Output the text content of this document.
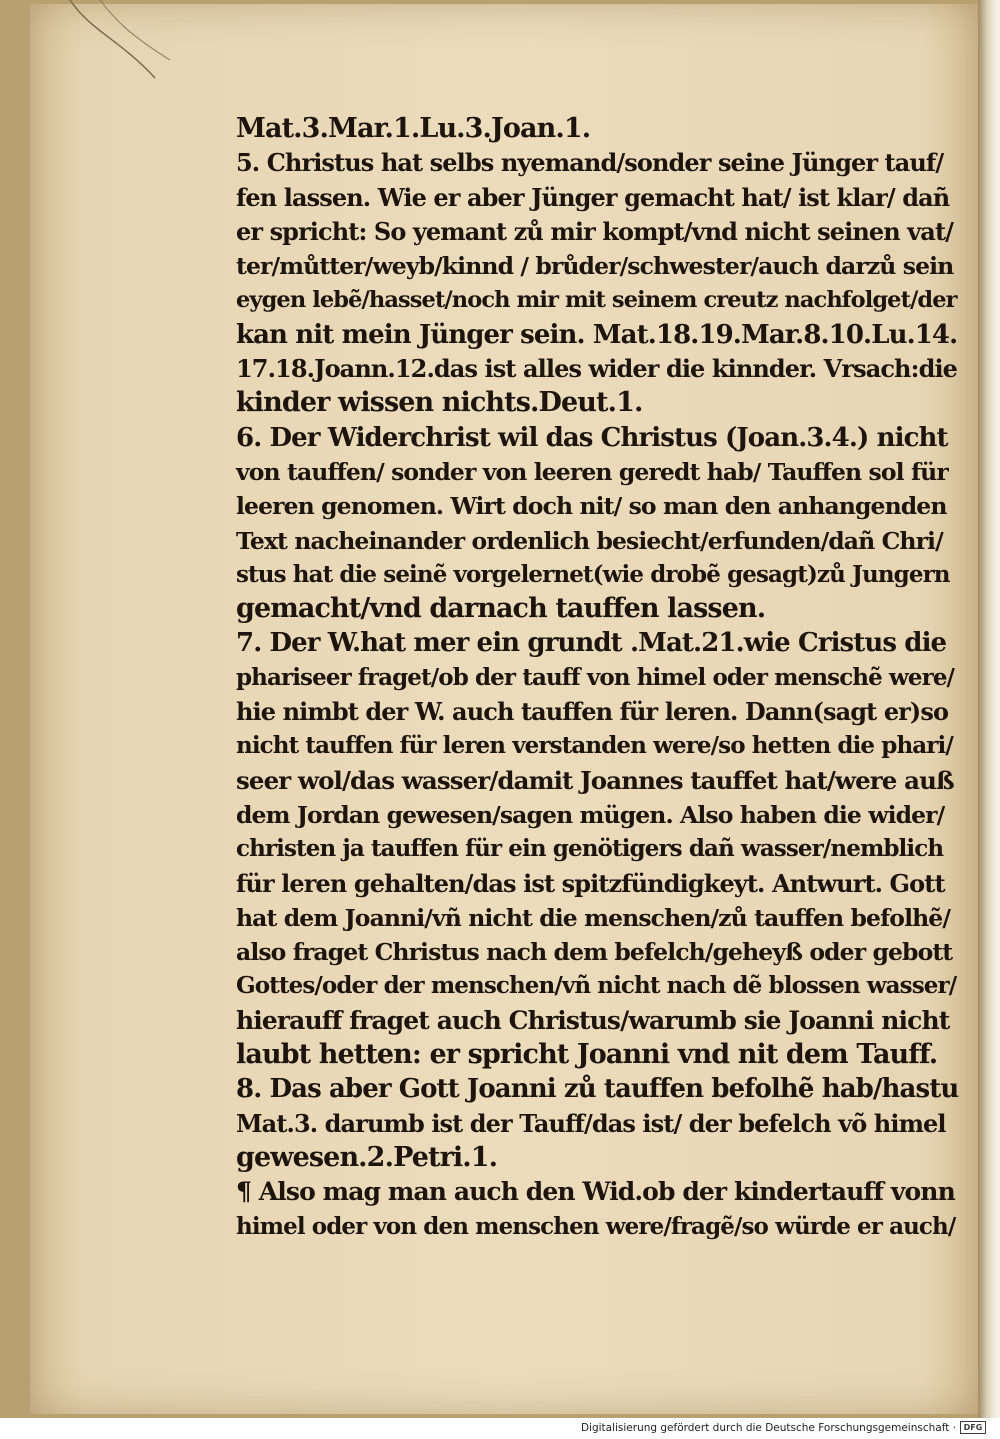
Mat.3.Mar.1.Lu.3.Joan.1.
5. Christus hat selbs nyemand/sonder seine Jünger tauf/
fen lassen. Wie er aber Jünger gemacht hat/ ist klar/ dañ
er spricht: So yemant zů mir kompt/vnd nicht seinen vat/
ter/můtter/weyb/kinnd / brůder/schwester/auch darzů sein
eygen lebẽ/hasset/noch mir mit seinem creutz nachfolget/der
kan nit mein Jünger sein. Mat.18.19.Mar.8.10.Lu.14.
17.18.Joann.12.das ist alles wider die kinnder. Vrsach:die
kinder wissen nichts.Deut.1.
6. Der Widerchrist wil das Christus (Joan.3.4.) nicht
von tauffen/ sonder von leeren geredt hab/ Tauffen sol für
leeren genomen. Wirt doch nit/ so man den anhangenden
Text nacheinander ordenlich besiecht/erfunden/dañ Chri/
stus hat die seinẽ vorgelernet(wie drobẽ gesagt)zů Jungern
gemacht/vnd darnach tauffen lassen.
7. Der W.hat mer ein grundt .Mat.21.wie Cristus die
phariseer fraget/ob der tauff von himel oder menschẽ were/
hie nimbt der W. auch tauffen für leren. Dann(sagt er)so
nicht tauffen für leren verstanden were/so hetten die phari/
seer wol/das wasser/damit Joannes tauffet hat/were auß
dem Jordan gewesen/sagen mügen. Also haben die wider/
christen ja tauffen für ein genötigers dañ wasser/nemblich
für leren gehalten/das ist spitzfündigkeyt. Antwurt. Gott
hat dem Joanni/vñ nicht die menschen/zů tauffen befolhẽ/
also fraget Christus nach dem befelch/geheyß oder gebott
Gottes/oder der menschen/vñ nicht nach dẽ blossen wasser/
hierauff fraget auch Christus/warumb sie Joanni nicht
laubt hetten: er spricht Joanni vnd nit dem Tauff.
8. Das aber Gott Joanni zů tauffen befolhẽ hab/hastu
Mat.3. darumb ist der Tauff/das ist/ der befelch võ himel
gewesen.2.Petri.1.
¶ Also mag man auch den Wid.ob der kindertauff vonn
himel oder von den menschen were/fragẽ/so würde er auch/
Digitalisierung gefördert durch die Deutsche Forschungsgemeinschaft · DFG
